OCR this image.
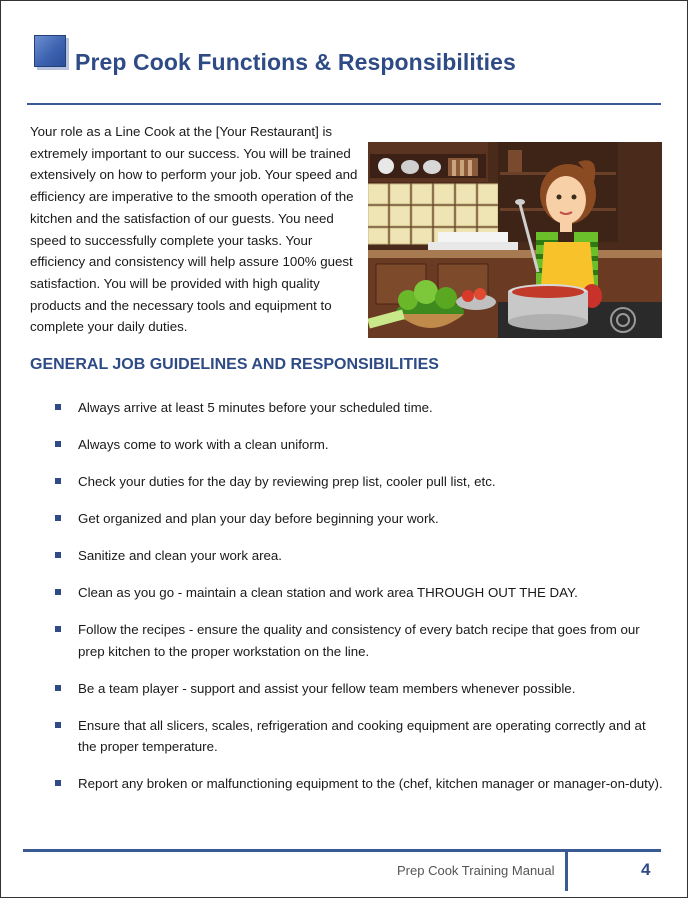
Prep Cook Functions & Responsibilities
Your role as a Line Cook at the [Your Restaurant] is extremely important to our success. You will be trained extensively on how to perform your job. Your speed and efficiency are imperative to the smooth operation of the kitchen and the satisfaction of our guests. You need speed to successfully complete your tasks. Your efficiency and consistency will help assure 100% guest satisfaction. You will be provided with high quality products and the necessary tools and equipment to complete your daily duties.
GENERAL JOB GUIDELINES AND RESPONSIBILITIES
Always arrive at least 5 minutes before your scheduled time.
Always come to work with a clean uniform.
Check your duties for the day by reviewing prep list, cooler pull list, etc.
Get organized and plan your day before beginning your work.
Sanitize and clean your work area.
Clean as you go - maintain a clean station and work area THROUGH OUT THE DAY.
Follow the recipes - ensure the quality and consistency of every batch recipe that goes from our prep kitchen to the proper workstation on the line.
Be a team player - support and assist your fellow team members whenever possible.
Ensure that all slicers, scales, refrigeration and cooking equipment are operating correctly and at the proper temperature.
Report any broken or malfunctioning equipment to the (chef, kitchen manager or manager-on-duty).
Prep Cook Training Manual	4
